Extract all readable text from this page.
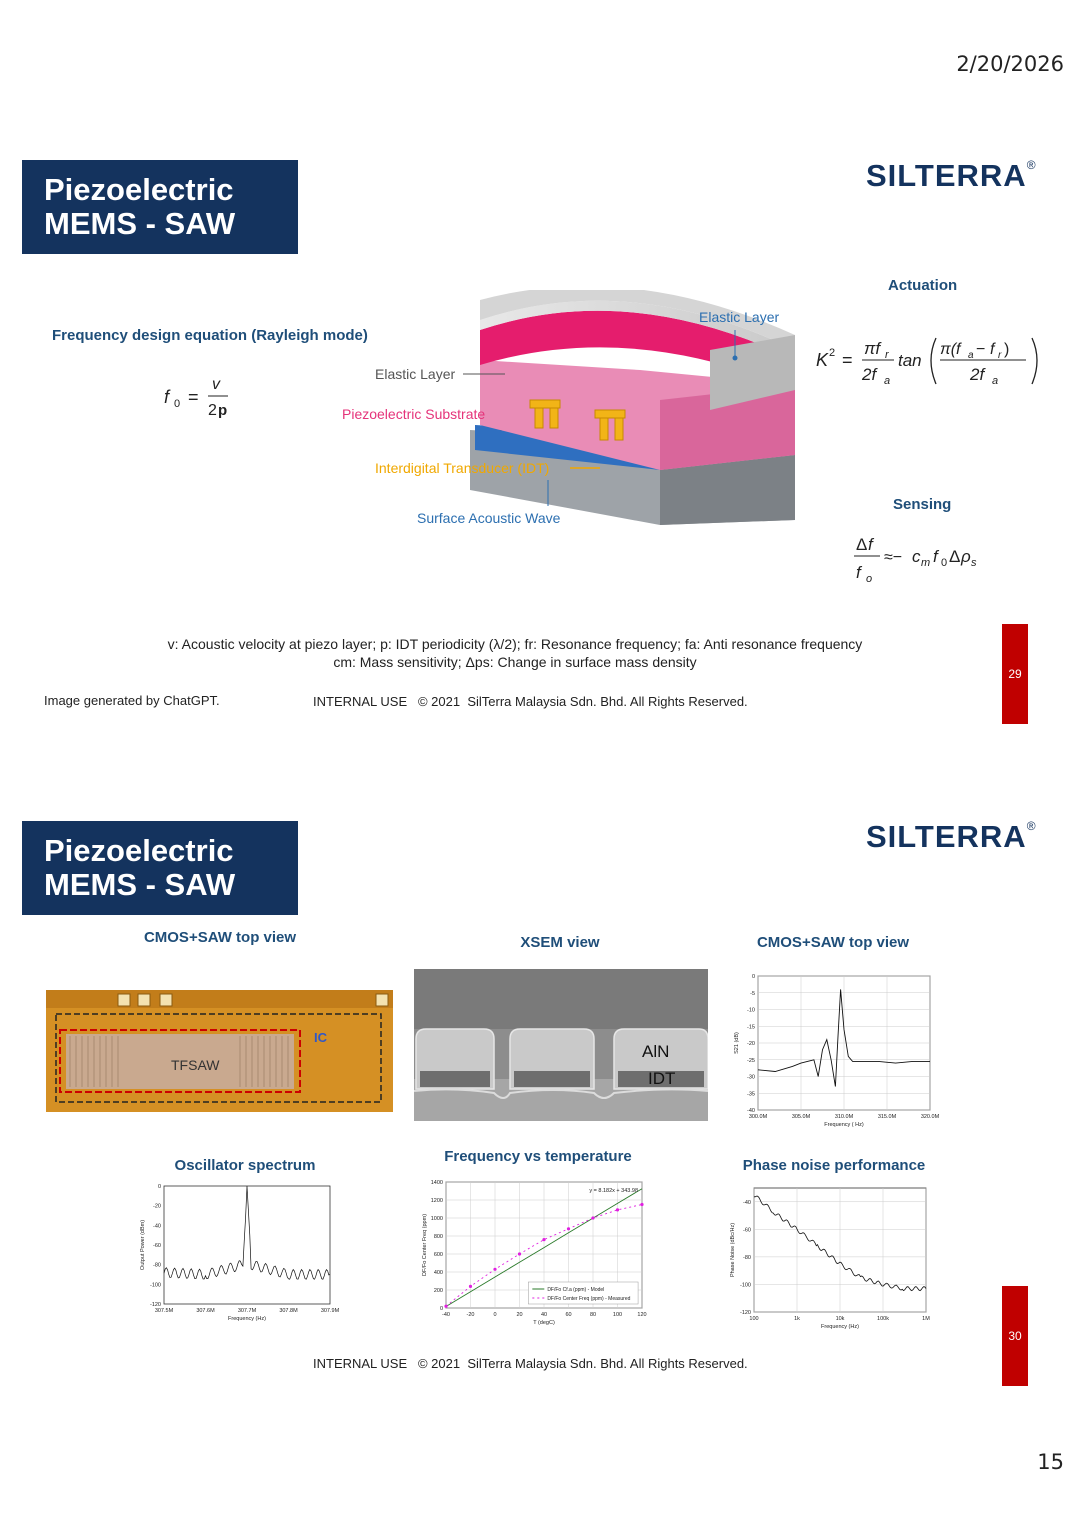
2/20/2026
15
Piezoelectric
MEMS - SAW
SILTERRA®
Frequency design equation (Rayleigh mode)
Actuation
Sensing
f 0 =
v
2 p
K 2 =
πf r
2f a
tan
π(f a − f r )
2f a
Δ f
f o
≈− c m f 0 Δ ρ s
Elastic Layer
Elastic Layer
Piezoelectric Substrate
Interdigital Transducer (IDT)
Surface Acoustic Wave
v: Acoustic velocity at piezo layer; p: IDT periodicity (λ/2); fr: Resonance frequency; fa: Anti resonance frequency
cm: Mass sensitivity; Δps: Change in surface mass density
Image generated by ChatGPT.	INTERNAL USE   © 2021  SilTerra Malaysia Sdn. Bhd. All Rights Reserved.
29
Piezoelectric
MEMS - SAW
SILTERRA®
CMOS+SAW top view	XSEM view	CMOS+SAW top view
Oscillator spectrum
Frequency vs temperature
Phase noise performance
TFSAW
IC
AlN
IDT
300.0M	305.0M	310.0M	315.0M	320.0M
0
-5
-10
-15
-20
-25
-30
-35
-40
Frequency ( Hz)
S21 (dB)
307.5M	307.6M	307.7M	307.8M	307.9M
0
-20
-40
-60
-80
-100
-120
Frequency (Hz)
Output Power (dBm)
-40	-20	0	20	40	60	80	100	120
0
200
400
600
800
1000
1200
1400
T (degC)
DF/Fo Center Freq (ppm)
y = 8.182x + 343.98
DF/Fo Cf.a (ppm) - Model
DF/Fo Center Freq (ppm) - Measured
100	1k	10k	100k	1M
-40
-60
-80
-100
-120
Frequency (Hz)
Phase Noise (dBc/Hz)
INTERNAL USE   © 2021  SilTerra Malaysia Sdn. Bhd. All Rights Reserved.
30
